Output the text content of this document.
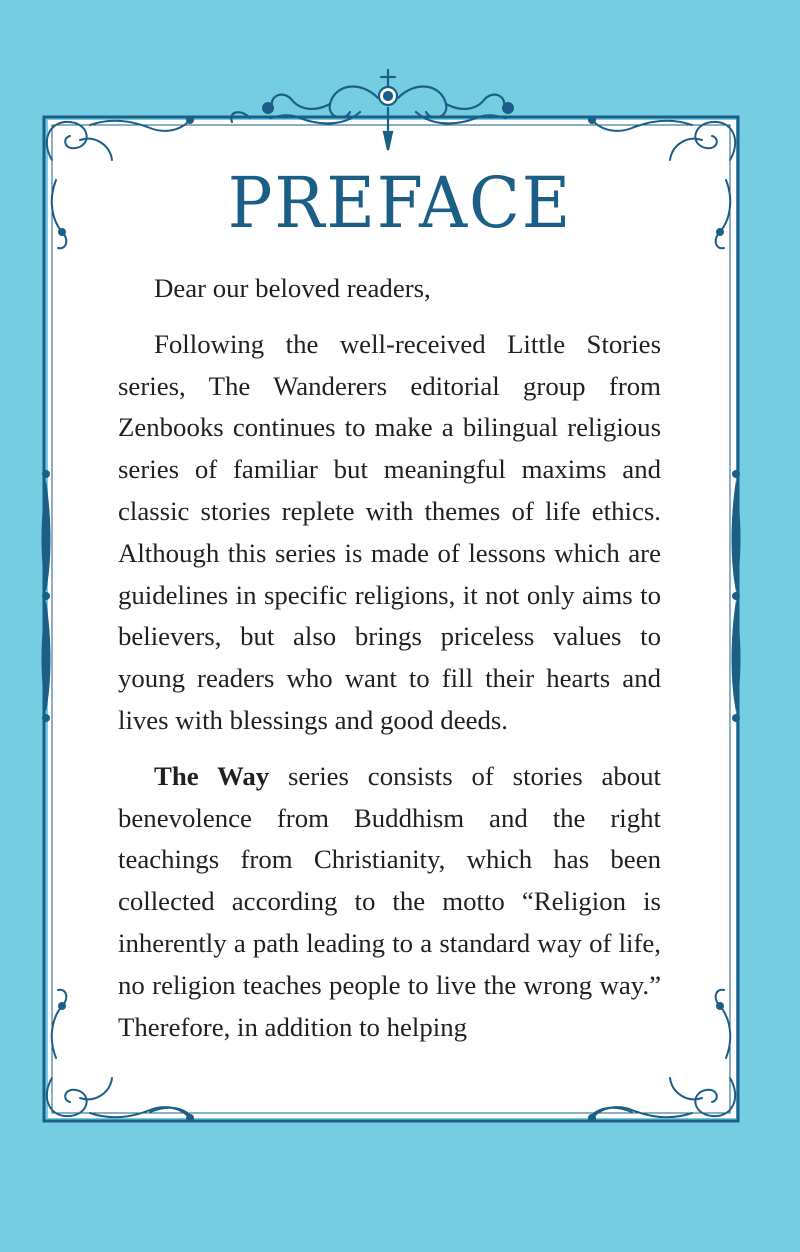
PREFACE

Dear our beloved readers,

Following the well-received Little Stories series, The Wanderers editorial group from Zenbooks continues to make a bilingual religious series of familiar but meaningful maxims and classic stories replete with themes of life ethics. Although this series is made of lessons which are guidelines in specific religions, it not only aims to believers, but also brings priceless values to young readers who want to fill their hearts and lives with blessings and good deeds.

The Way series consists of stories about benevolence from Buddhism and the right teachings from Christianity, which has been collected according to the motto “Religion is inherently a path leading to a standard way of life, no religion teaches people to live the wrong way.” Therefore, in addition to helping
